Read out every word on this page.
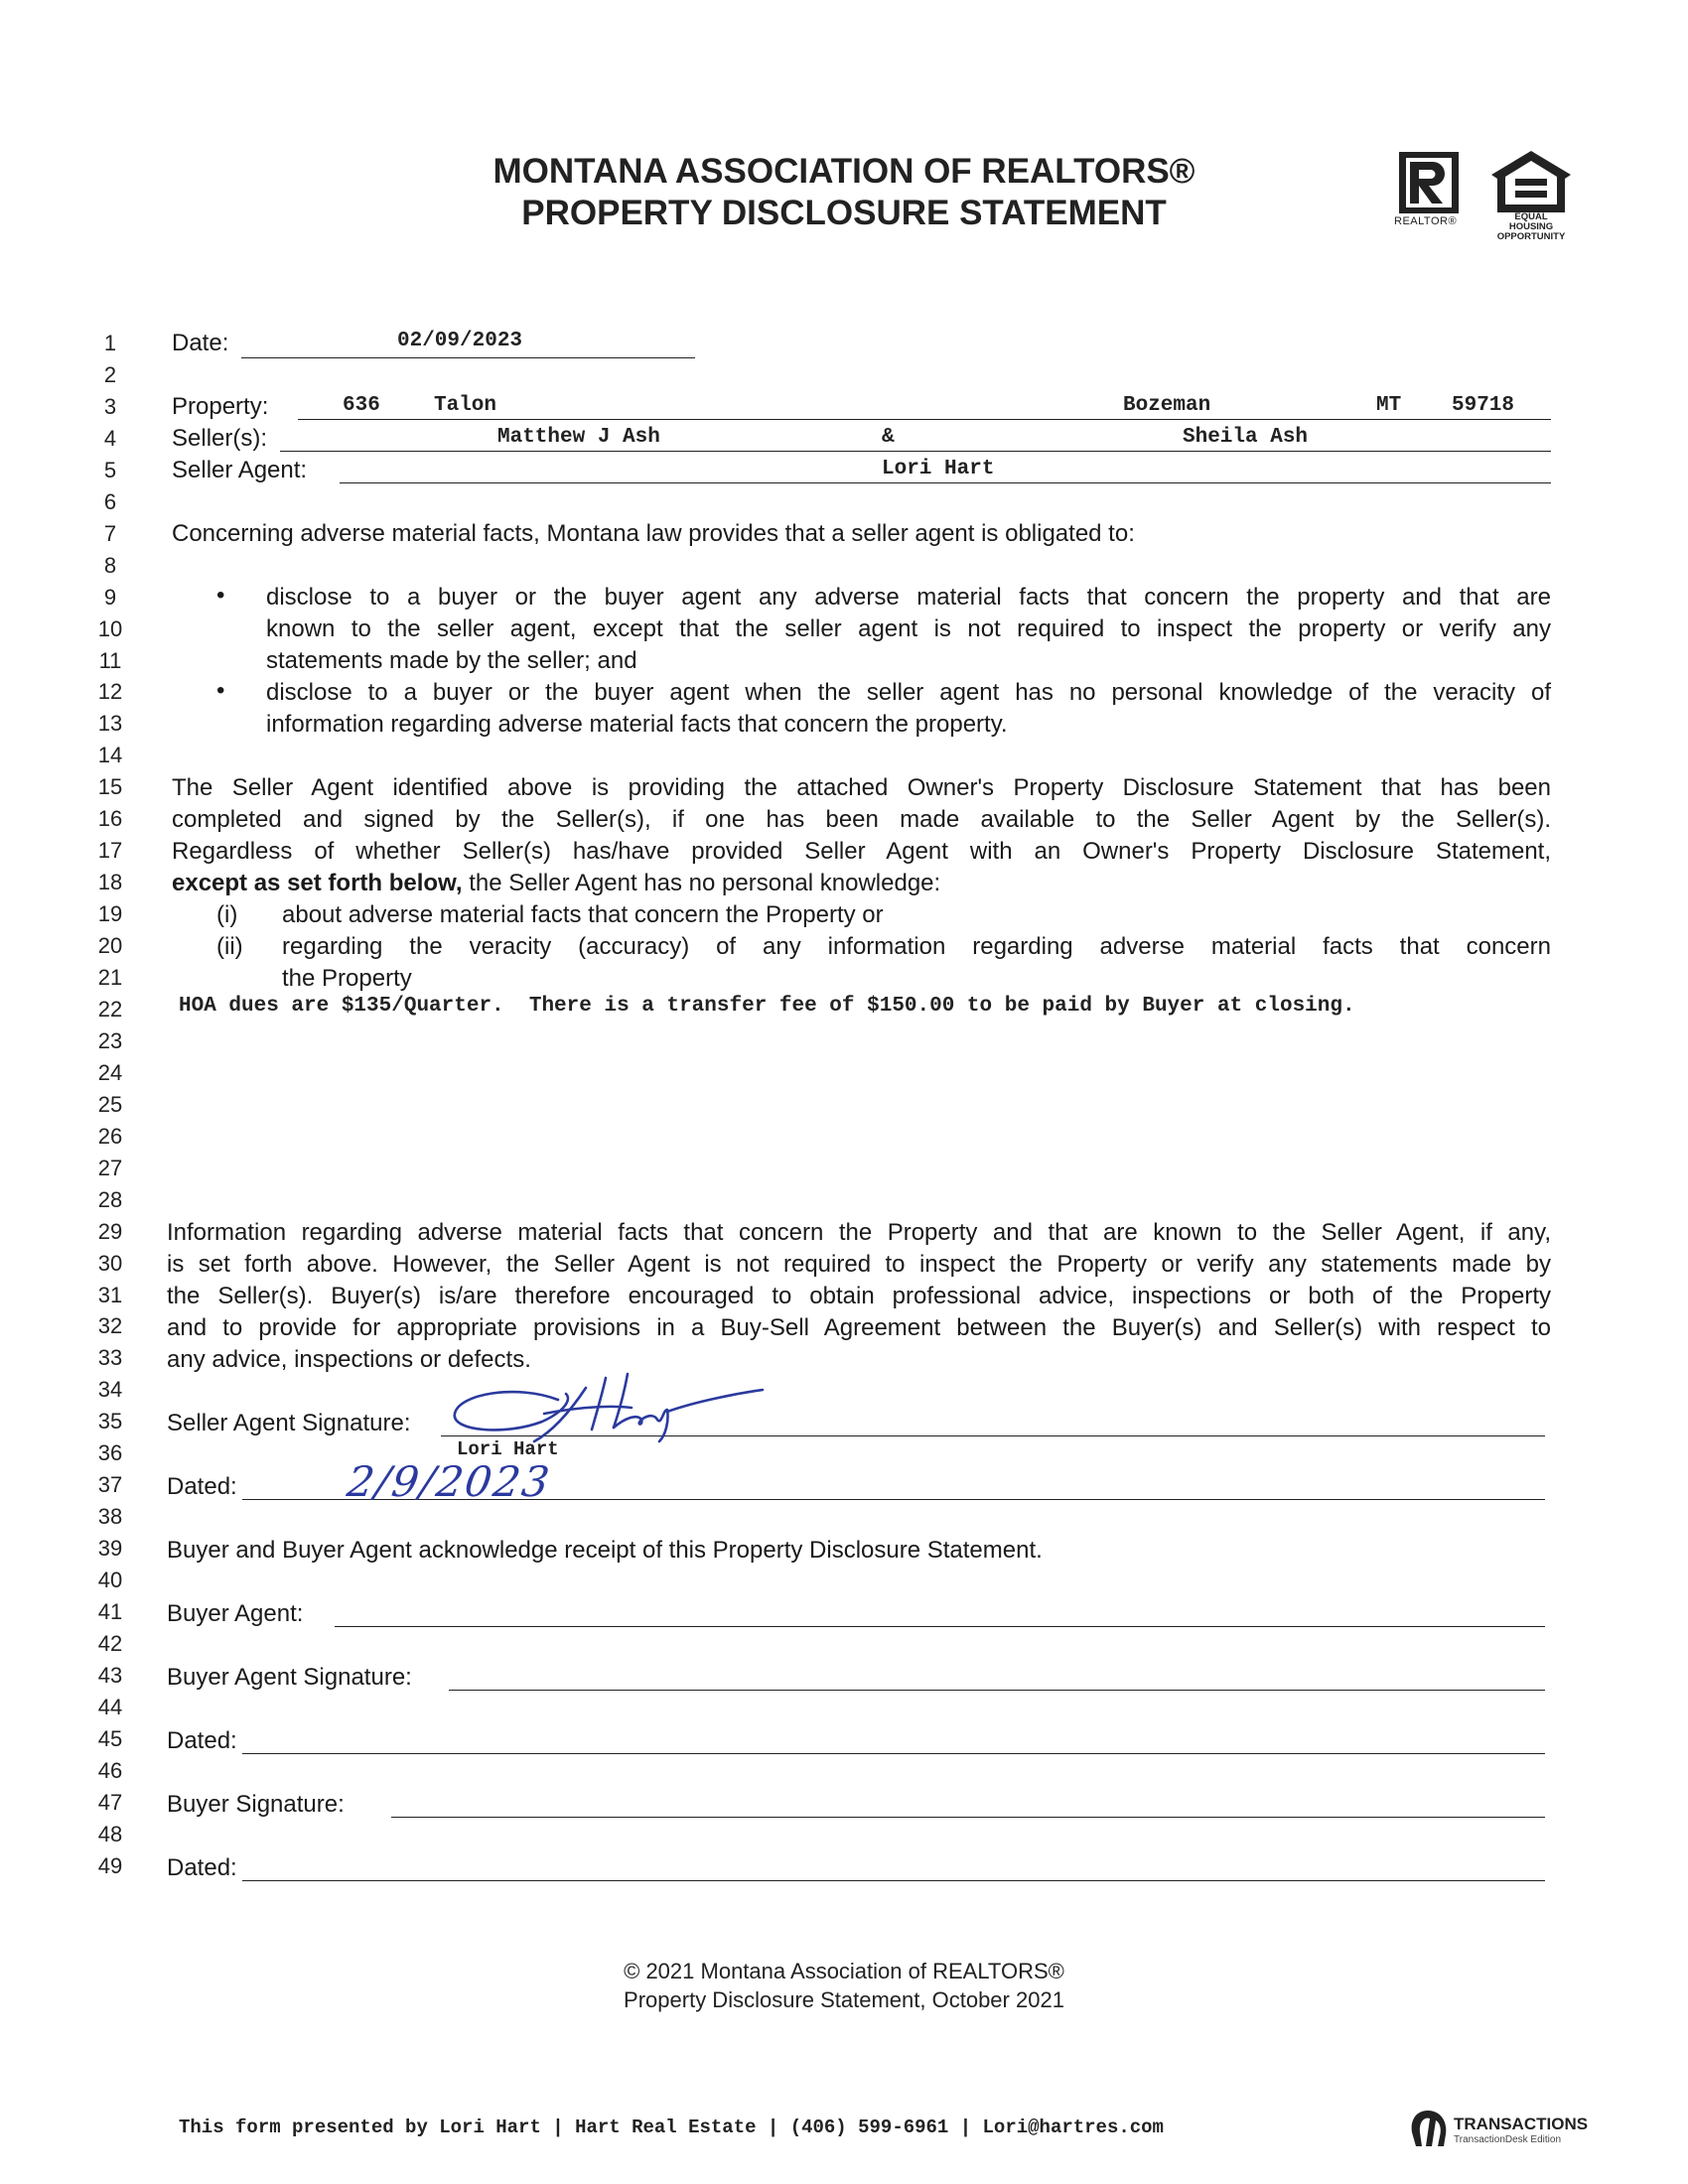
MONTANA ASSOCIATION OF REALTORS®
PROPERTY DISCLOSURE STATEMENT	REALTOR®	EQUAL HOUSING
OPPORTUNITY
1
2
3
4
5
6
7
8
9
10
11
12
13
14
15
16
17
18
19
20
21
22
23
24
25
26
27
28
29
30
31
32
33
34
35
36
37
38
39
40
41
42
43
44
45
46
47
48
49
Date:	02/09/2023
Property:	636	Talon	Bozeman	MT 59718
Seller(s):	Matthew J Ash	&	Sheila Ash
Seller Agent:	Lori Hart
Concerning adverse material facts, Montana law provides that a seller agent is obligated to:
• disclose to a buyer or the buyer agent any adverse material facts that concern the property and that are
known to the seller agent, except that the seller agent is not required to inspect the property or verify any
statements made by the seller; and
• disclose to a buyer or the buyer agent when the seller agent has no personal knowledge of the veracity of
information regarding adverse material facts that concern the property.
The Seller Agent identified above is providing the attached Owner's Property Disclosure Statement that has been
completed and signed by the Seller(s), if one has been made available to the Seller Agent by the Seller(s).
Regardless of whether Seller(s) has/have provided Seller Agent with an Owner's Property Disclosure Statement,
except as set forth below, the Seller Agent has no personal knowledge:
(i) about adverse material facts that concern the Property or
(ii) regarding the veracity (accuracy) of any information regarding adverse material facts that concern
the Property
HOA dues are $135/Quarter.  There is a transfer fee of $150.00 to be paid by Buyer at closing.
Information regarding adverse material facts that concern the Property and that are known to the Seller Agent, if any,
is set forth above. However, the Seller Agent is not required to inspect the Property or verify any statements made by
the Seller(s). Buyer(s) is/are therefore encouraged to obtain professional advice, inspections or both of the Property
and to provide for appropriate provisions in a Buy-Sell Agreement between the Buyer(s) and Seller(s) with respect to
any advice, inspections or defects.
Seller Agent Signature:
Lori Hart
Dated:	2/9/2023
Buyer and Buyer Agent acknowledge receipt of this Property Disclosure Statement.
Buyer Agent:
Buyer Agent Signature:
Dated:
Buyer Signature:
Dated:
© 2021 Montana Association of REALTORS®
Property Disclosure Statement, October 2021
This form presented by Lori Hart | Hart Real Estate | (406) 599-6961 | Lori@hartres.com	TRANSACTIONS
TransactionDesk Edition
